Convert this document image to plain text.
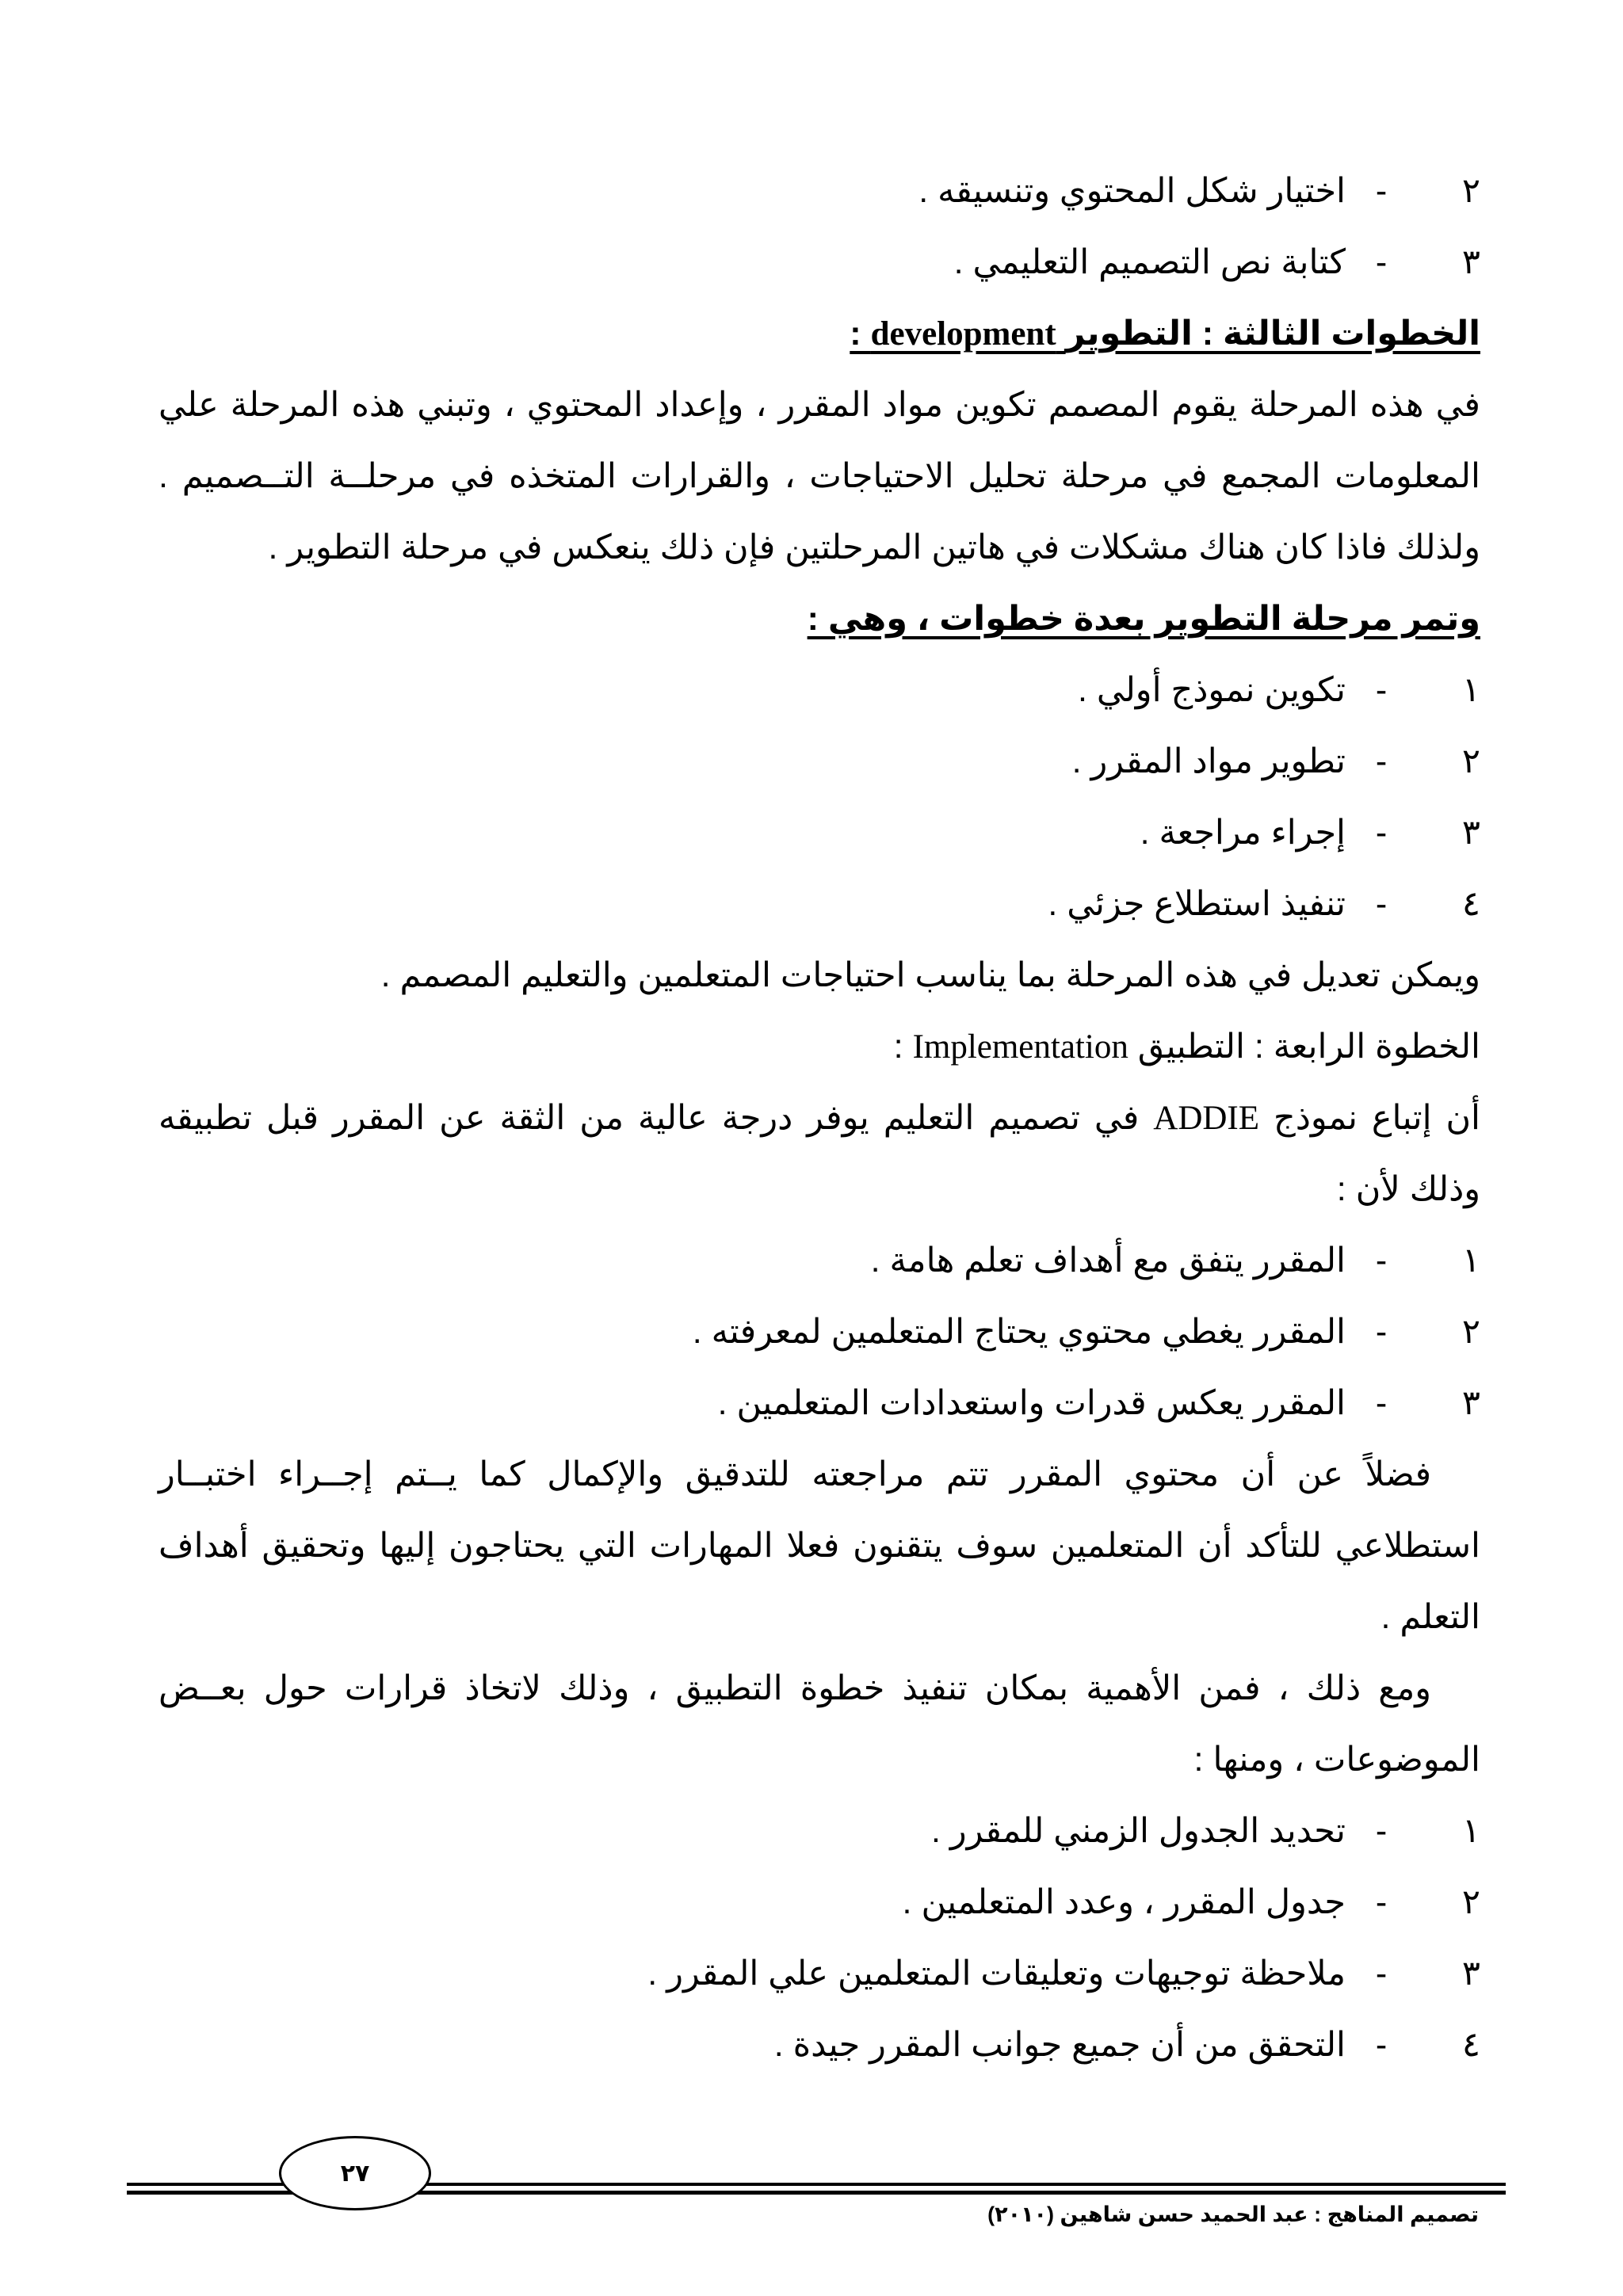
٢
-
اختيار شكل المحتوي وتنسيقه .
٣
-
كتابة نص التصميم التعليمي .
الخطوات الثالثة : التطوير development :
في هذه المرحلة يقوم المصمم تكوين مواد المقرر ، وإعداد المحتوي ، وتبني هذه المرحلة علي
المعلومات المجمع في مرحلة تحليل الاحتياجات ، والقرارات المتخذه في مرحلــة التــصميم .
ولذلك فاذا كان هناك مشكلات في هاتين المرحلتين فإن ذلك ينعكس في مرحلة التطوير .
وتمر مرحلة التطوير بعدة خطوات ، وهي :
١
-
تكوين نموذج أولي .
٢
-
تطوير مواد المقرر .
٣
-
إجراء مراجعة .
٤
-
تنفيذ استطلاع جزئي .
ويمكن تعديل في هذه المرحلة بما يناسب احتياجات المتعلمين والتعليم المصمم .
الخطوة الرابعة : التطبيق Implementation :
أن إتباع نموذج ADDIE في تصميم التعليم يوفر درجة عالية من الثقة عن المقرر قبل تطبيقه
وذلك لأن :
١
-
المقرر يتفق مع أهداف تعلم هامة .
٢
-
المقرر يغطي محتوي يحتاج المتعلمين لمعرفته .
٣
-
المقرر يعكس قدرات واستعدادات المتعلمين .
فضلاً عن أن محتوي المقرر تتم مراجعته للتدقيق والإكمال كما يــتم إجــراء اختبــار
استطلاعي للتأكد أن المتعلمين سوف يتقنون فعلا المهارات التي يحتاجون إليها وتحقيق أهداف
التعلم .
ومع ذلك ، فمن الأهمية بمكان تنفيذ خطوة التطبيق ، وذلك لاتخاذ قرارات حول بعــض
الموضوعات ، ومنها :
١
-
تحديد الجدول الزمني للمقرر .
٢
-
جدول المقرر ، وعدد المتعلمين .
٣
-
ملاحظة توجيهات وتعليقات المتعلمين علي المقرر .
٤
-
التحقق من أن جميع جوانب المقرر جيدة .
٢٧
تصميم المناهج : عبد الحميد حسن شاهين (٢٠١٠)
